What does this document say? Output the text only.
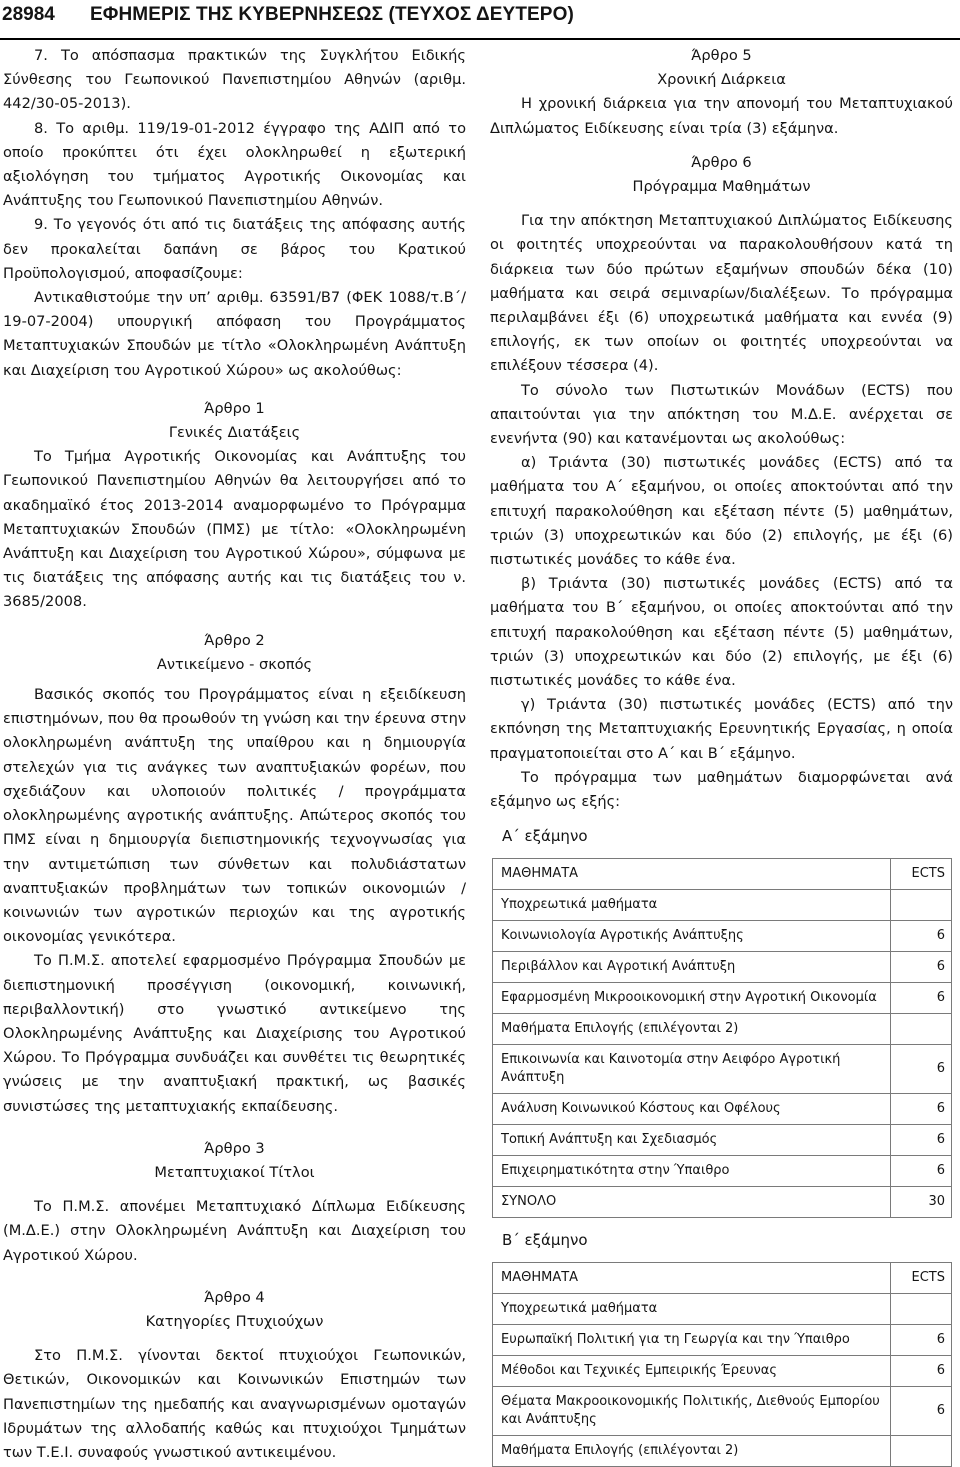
28984 ΕΦΗΜΕΡΙΣ ΤΗΣ ΚΥΒΕΡΝΗΣΕΩΣ (ΤΕΥΧΟΣ ΔΕΥΤΕΡΟ)

7. Το απόσπασμα πρακτικών της Συγκλήτου Ειδικής Σύνθεσης του Γεωπονικού Πανεπιστημίου Αθηνών (αριθμ. 442/30-05-2013).

8. Το αριθμ. 119/19-01-2012 έγγραφο της ΑΔΙΠ από το οποίο προκύπτει ότι έχει ολοκληρωθεί η εξωτερική αξιολόγηση του τμήματος Αγροτικής Οικονομίας και Ανάπτυξης του Γεωπονικού Πανεπιστημίου Αθηνών.

9. Το γεγονός ότι από τις διατάξεις της απόφασης αυτής δεν προκαλείται δαπάνη σε βάρος του Κρατικού Προϋπολογισμού, αποφασίζουμε:

Αντικαθιστούμε την υπ’ αριθμ. 63591/Β7 (ΦΕΚ 1088/τ.Β΄/ 19-07-2004) υπουργική απόφαση του Προγράμματος Μεταπτυχιακών Σπουδών με τίτλο «Ολοκληρωμένη Ανάπτυξη και Διαχείριση του Αγροτικού Χώρου» ως ακολούθως:

Άρθρο 1

Γενικές Διατάξεις

Το Τμήμα Αγροτικής Οικονομίας και Ανάπτυξης του Γεωπονικού Πανεπιστημίου Αθηνών θα λειτουργήσει από το ακαδημαϊκό έτος 2013-2014 αναμορφωμένο το Πρόγραμμα Μεταπτυχιακών Σπουδών (ΠΜΣ) με τίτλο: «Ολοκληρωμένη Ανάπτυξη και Διαχείριση του Αγροτικού Χώρου», σύμφωνα με τις διατάξεις της απόφασης αυτής και τις διατάξεις του ν. 3685/2008.

Άρθρο 2

Αντικείμενο - σκοπός

Βασικός σκοπός του Προγράμματος είναι η εξειδίκευση επιστημόνων, που θα προωθούν τη γνώση και την έρευνα στην ολοκληρωμένη ανάπτυξη της υπαίθρου και η δημιουργία στελεχών για τις ανάγκες των αναπτυξιακών φορέων, που σχεδιάζουν και υλοποιούν πολιτικές / προγράμματα ολοκληρωμένης αγροτικής ανάπτυξης. Απώτερος σκοπός του ΠΜΣ είναι η δημιουργία διεπιστημονικής τεχνογνωσίας για την αντιμετώπιση των σύνθετων και πολυδιάστατων αναπτυξιακών προβλημάτων των τοπικών οικονομιών / κοινωνιών των αγροτικών περιοχών και της αγροτικής οικονομίας γενικότερα.

Το Π.Μ.Σ. αποτελεί εφαρμοσμένο Πρόγραμμα Σπουδών με διεπιστημονική προσέγγιση (οικονομική, κοινωνική, περιβαλλοντική) στο γνωστικό αντικείμενο της Ολοκληρωμένης Ανάπτυξης και Διαχείρισης του Αγροτικού Χώρου. Το Πρόγραμμα συνδυάζει και συνθέτει τις θεωρητικές γνώσεις με την αναπτυξιακή πρακτική, ως βασικές συνιστώσες της μεταπτυχιακής εκπαίδευσης.

Άρθρο 3

Μεταπτυχιακοί Τίτλοι

Το Π.Μ.Σ. απονέμει Μεταπτυχιακό Δίπλωμα Ειδίκευσης (Μ.Δ.Ε.) στην Ολοκληρωμένη Ανάπτυξη και Διαχείριση του Αγροτικού Χώρου.

Άρθρο 4

Κατηγορίες Πτυχιούχων

Στο Π.Μ.Σ. γίνονται δεκτοί πτυχιούχοι Γεωπονικών, Θετικών, Οικονομικών και Κοινωνικών Επιστημών των Πανεπιστημίων της ημεδαπής και αναγνωρισμένων ομοταγών Ιδρυμάτων της αλλοδαπής καθώς και πτυχιούχοι Τμημάτων των Τ.Ε.Ι. συναφούς γνωστικού αντικειμένου.

Άρθρο 5

Χρονική Διάρκεια

Η χρονική διάρκεια για την απονομή του Μεταπτυχιακού Διπλώματος Ειδίκευσης είναι τρία (3) εξάμηνα.

Άρθρο 6

Πρόγραμμα Μαθημάτων

Για την απόκτηση Μεταπτυχιακού Διπλώματος Ειδίκευσης οι φοιτητές υποχρεούνται να παρακολουθήσουν κατά τη διάρκεια των δύο πρώτων εξαμήνων σπουδών δέκα (10) μαθήματα και σειρά σεμιναρίων/διαλέξεων. Το πρόγραμμα περιλαμβάνει έξι (6) υποχρεωτικά μαθήματα και εννέα (9) επιλογής, εκ των οποίων οι φοιτητές υποχρεούνται να επιλέξουν τέσσερα (4).

Το σύνολο των Πιστωτικών Μονάδων (ECTS) που απαιτούνται για την απόκτηση του Μ.Δ.Ε. ανέρχεται σε ενενήντα (90) και κατανέμονται ως ακολούθως:

α) Τριάντα (30) πιστωτικές μονάδες (ECTS) από τα μαθήματα του Α΄ εξαμήνου, οι οποίες αποκτούνται από την επιτυχή παρακολούθηση και εξέταση πέντε (5) μαθημάτων, τριών (3) υποχρεωτικών και δύο (2) επιλογής, με έξι (6) πιστωτικές μονάδες το κάθε ένα.

β) Τριάντα (30) πιστωτικές μονάδες (ECTS) από τα μαθήματα του Β΄ εξαμήνου, οι οποίες αποκτούνται από την επιτυχή παρακολούθηση και εξέταση πέντε (5) μαθημάτων, τριών (3) υποχρεωτικών και δύο (2) επιλογής, με έξι (6) πιστωτικές μονάδες το κάθε ένα.

γ) Τριάντα (30) πιστωτικές μονάδες (ECTS) από την εκπόνηση της Μεταπτυχιακής Ερευνητικής Εργασίας, η οποία πραγματοποιείται στο Α΄ και Β΄ εξάμηνο.

Το πρόγραμμα των μαθημάτων διαμορφώνεται ανά εξάμηνο ως εξής:

Α΄ εξάμηνο
ΜΑΘΗΜΑΤΑ	ECTS
Υποχρεωτικά μαθήματα	
Κοινωνιολογία Αγροτικής Ανάπτυξης	6
Περιβάλλον και Αγροτική Ανάπτυξη	6
Εφαρμοσμένη Μικροοικονομική στην Αγροτική Οικονομία	6
Μαθήματα Επιλογής (επιλέγονται 2)	
Επικοινωνία και Καινοτομία στην Αειφόρο Αγροτική Ανάπτυξη	6
Ανάλυση Κοινωνικού Κόστους και Οφέλους	6
Τοπική Ανάπτυξη και Σχεδιασμός	6
Επιχειρηματικότητα στην Ύπαιθρο	6
ΣΥΝΟΛΟ	30
Β΄ εξάμηνο
ΜΑΘΗΜΑΤΑ	ECTS
Υποχρεωτικά μαθήματα	
Ευρωπαϊκή Πολιτική για τη Γεωργία και την Ύπαιθρο	6
Μέθοδοι και Τεχνικές Εμπειρικής Έρευνας	6
Θέματα Μακροοικονομικής Πολιτικής, Διεθνούς Εμπορίου και Ανάπτυξης	6
Μαθήματα Επιλογής (επιλέγονται 2)	
